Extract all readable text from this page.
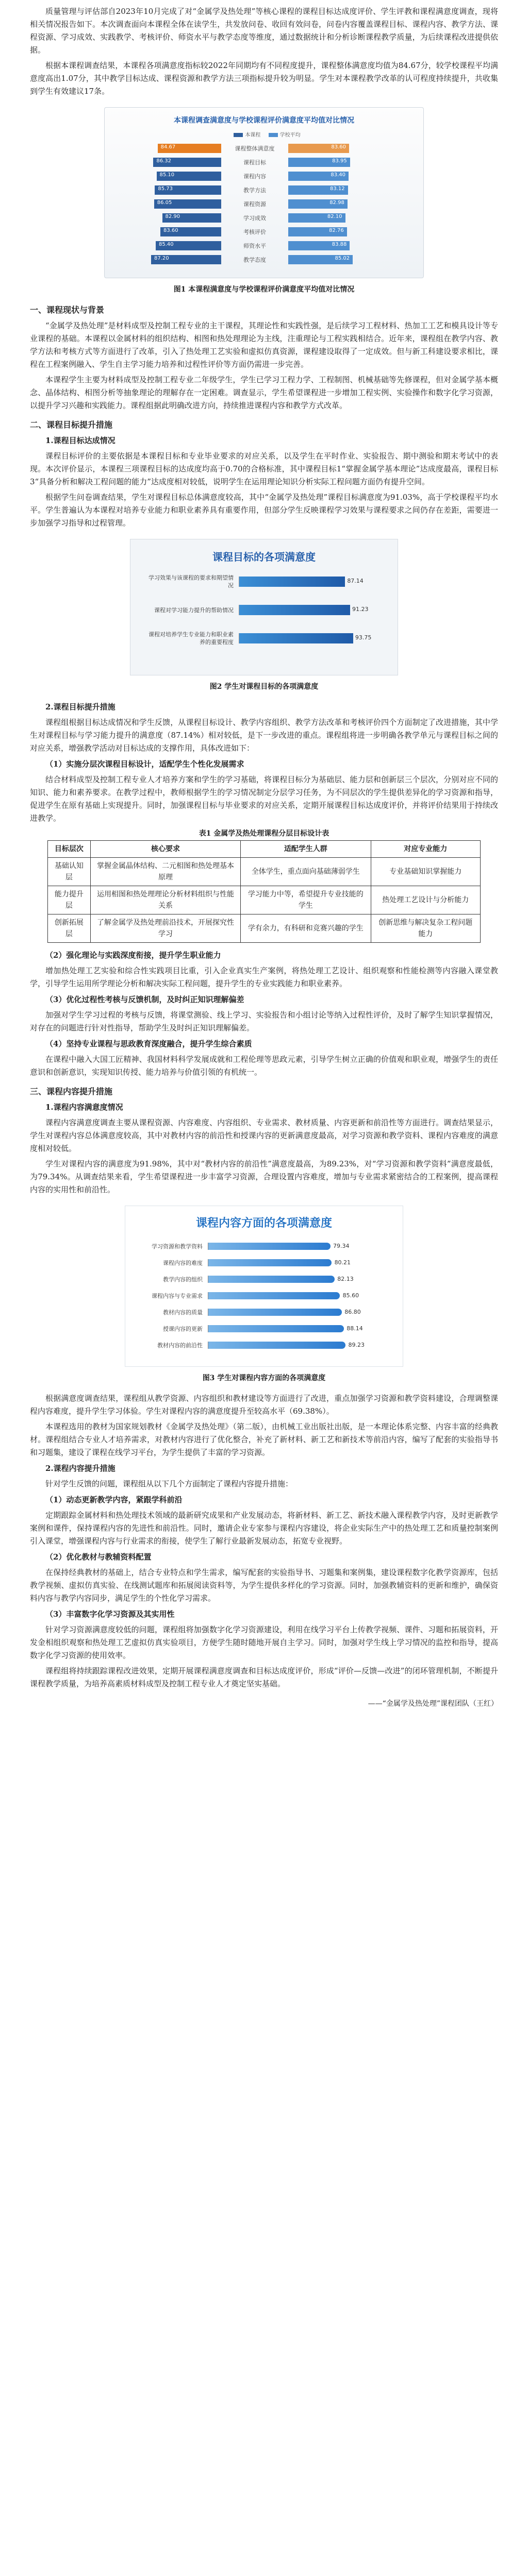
质量管理与评估部自2023年10月完成了对“金属学及热处理”等核心课程的课程目标达成度评价、学生评教和课程满意度调查，现将相关情况报告如下。本次调查面向本课程全体在读学生，共发放问卷、收回有效问卷，问卷内容覆盖课程目标、课程内容、教学方法、课程资源、学习成效、实践教学、考核评价、师资水平与教学态度等维度，通过数据统计和分析诊断课程教学质量，为后续课程改进提供依据。

根据本课程调查结果，本课程各项满意度指标较2022年同期均有不同程度提升，课程整体满意度均值为84.67分，较学校课程平均满意度高出1.07分，其中教学目标达成、课程资源和教学方法三项指标提升较为明显。学生对本课程教学改革的认可程度持续提升，共收集到学生有效建议17条。

本课程调查满意度与学校课程评价满意度平均值对比情况
本课程	学校平均
84.67	课程整体满意度	83.60
86.32	课程目标	83.95
85.10	课程内容	83.40
85.73	教学方法	83.12
86.05	课程资源	82.98
82.90	学习成效	82.10
83.60	考核评价	82.76
85.40	师资水平	83.88
87.20	教学态度	85.02

图1 本课程满意度与学校课程评价满意度平均值对比情况

一、课程现状与背景

“金属学及热处理”是材料成型及控制工程专业的主干课程，其理论性和实践性强，是后续学习工程材料、热加工工艺和模具设计等专业课程的基础。本课程以金属材料的组织结构、相图和热处理理论为主线，注重理论与工程实践相结合。近年来，课程组在教学内容、教学方法和考核方式等方面进行了改革，引入了热处理工艺实验和虚拟仿真资源，课程建设取得了一定成效。但与新工科建设要求相比，课程在工程案例融入、学生自主学习能力培养和过程性评价等方面仍需进一步完善。

本课程学生主要为材料成型及控制工程专业二年级学生，学生已学习工程力学、工程制图、机械基础等先修课程，但对金属学基本概念、晶体结构、相图分析等抽象理论的理解存在一定困难。调查显示，学生希望课程进一步增加工程实例、实验操作和数字化学习资源，以提升学习兴趣和实践能力。课程组据此明确改进方向，持续推进课程内容和教学方式改革。

二、课程目标提升措施
1.课程目标达成情况

课程目标评价的主要依据是本课程目标和专业毕业要求的对应关系，以及学生在平时作业、实验报告、期中测验和期末考试中的表现。本次评价显示，本课程三项课程目标的达成度均高于0.70的合格标准，其中课程目标1“掌握金属学基本理论”达成度最高，课程目标3“具备分析和解决工程问题的能力”达成度相对较低，说明学生在运用理论知识分析实际工程问题方面仍有提升空间。

根据学生问卷调查结果，学生对课程目标总体满意度较高，其中“金属学及热处理”课程目标满意度为91.03%，高于学校课程平均水平。学生普遍认为本课程对培养专业能力和职业素养具有重要作用，但部分学生反映课程学习效果与课程要求之间仍存在差距，需要进一步加强学习指导和过程管理。

课程目标的各项满意度
学习效果与该课程的要求和期望情况
87.14
课程对学习能力提升的帮助情况	91.23
课程对培养学生专业能力和职业素养的重要程度
93.75

图2 学生对课程目标的各项满意度

2.课程目标提升措施

课程组根据目标达成情况和学生反馈，从课程目标设计、教学内容组织、教学方法改革和考核评价四个方面制定了改进措施，其中学生对课程目标与学习能力提升的满意度（87.14%）相对较低，是下一步改进的重点。课程组将进一步明确各教学单元与课程目标之间的对应关系，增强教学活动对目标达成的支撑作用，具体改进如下：

（1）实施分层次课程目标设计，适配学生个性化发展需求

结合材料成型及控制工程专业人才培养方案和学生的学习基础，将课程目标分为基础层、能力层和创新层三个层次，分别对应不同的知识、能力和素养要求。在教学过程中，教师根据学生的学习情况制定分层学习任务，为不同层次的学生提供差异化的学习资源和指导，促进学生在原有基础上实现提升。同时，加强课程目标与毕业要求的对应关系，定期开展课程目标达成度评价，并将评价结果用于持续改进教学。

表1 金属学及热处理课程分层目标设计表
目标层次	核心要求	适配学生人群	对应专业能力
基础认知层	掌握金属晶体结构、二元相图和热处理基本原理	全体学生，重点面向基础薄弱学生	专业基础知识掌握能力
能力提升层	运用相图和热处理理论分析材料组织与性能关系	学习能力中等，希望提升专业技能的学生	热处理工艺设计与分析能力
创新拓展层	了解金属学及热处理前沿技术，开展探究性学习	学有余力，有科研和竞赛兴趣的学生	创新思维与解决复杂工程问题能力
（2）强化理论与实践深度衔接，提升学生职业能力

增加热处理工艺实验和综合性实践项目比重，引入企业真实生产案例，将热处理工艺设计、组织观察和性能检测等内容融入课堂教学，引导学生运用所学理论分析和解决实际工程问题，提升学生的专业实践能力和职业素养。

（3）优化过程性考核与反馈机制，及时纠正知识理解偏差

加强对学生学习过程的考核与反馈，将课堂测验、线上学习、实验报告和小组讨论等纳入过程性评价，及时了解学生知识掌握情况，对存在的问题进行针对性指导，帮助学生及时纠正知识理解偏差。

（4）坚持专业课程与思政教育深度融合，提升学生综合素质

在课程中融入大国工匠精神、我国材料科学发展成就和工程伦理等思政元素，引导学生树立正确的价值观和职业观，增强学生的责任意识和创新意识，实现知识传授、能力培养与价值引领的有机统一。

三、课程内容提升措施
1.课程内容满意度情况

课程内容满意度调查主要从课程资源、内容难度、内容组织、专业需求、教材质量、内容更新和前沿性等方面进行。调查结果显示，学生对课程内容总体满意度较高，其中对教材内容的前沿性和授课内容的更新满意度最高，对学习资源和教学资料、课程内容难度的满意度相对较低。

学生对课程内容的满意度为91.98%，其中对“教材内容的前沿性”满意度最高，为89.23%，对“学习资源和教学资料”满意度最低，为79.34%。从调查结果来看，学生希望课程进一步丰富学习资源，合理设置内容难度，增加与专业需求紧密结合的工程案例，提高课程内容的实用性和前沿性。

课程内容方面的各项满意度
学习资源和教学资料	79.34
课程内容的难度	80.21
教学内容的组织	82.13
课程内容与专业需求	85.60
教材内容的质量	86.80
授课内容的更新	88.14
教材内容的前沿性	89.23

图3 学生对课程内容方面的各项满意度

根据满意度调查结果，课程组从教学资源、内容组织和教材建设等方面进行了改进，重点加强学习资源和教学资料建设，合理调整课程内容难度，提升学生学习体验。学生对课程内容的满意度提升至较高水平（69.38%）。

本课程选用的教材为国家规划教材《金属学及热处理》（第二版），由机械工业出版社出版，是一本理论体系完整、内容丰富的经典教材。课程组结合专业人才培养需求，对教材内容进行了优化整合，补充了新材料、新工艺和新技术等前沿内容，编写了配套的实验指导书和习题集，建设了课程在线学习平台，为学生提供了丰富的学习资源。

2.课程内容提升措施

针对学生反馈的问题，课程组从以下几个方面制定了课程内容提升措施：

（1）动态更新教学内容，紧跟学科前沿

定期跟踪金属材料和热处理技术领域的最新研究成果和产业发展动态，将新材料、新工艺、新技术融入课程教学内容，及时更新教学案例和课件，保持课程内容的先进性和前沿性。同时，邀请企业专家参与课程内容建设，将企业实际生产中的热处理工艺和质量控制案例引入课堂，增强课程内容与行业需求的衔接，使学生了解行业最新发展动态，拓宽专业视野。

（2）优化教材与教辅资料配置

在保持经典教材的基础上，结合专业特点和学生需求，编写配套的实验指导书、习题集和案例集，建设课程数字化教学资源库，包括教学视频、虚拟仿真实验、在线测试题库和拓展阅读资料等，为学生提供多样化的学习资源。同时，加强教辅资料的更新和维护，确保资料内容与教学内容同步，满足学生的个性化学习需求。

（3）丰富数字化学习资源及其实用性

针对学习资源满意度较低的问题，课程组将加强数字化学习资源建设，利用在线学习平台上传教学视频、课件、习题和拓展资料，开发金相组织观察和热处理工艺虚拟仿真实验项目，方便学生随时随地开展自主学习。同时，加强对学生线上学习情况的监控和指导，提高数字化学习资源的使用效率。

课程组将持续跟踪课程改进效果，定期开展课程满意度调查和目标达成度评价，形成“评价—反馈—改进”的闭环管理机制，不断提升课程教学质量，为培养高素质材料成型及控制工程专业人才奠定坚实基础。

——“金属学及热处理”课程团队（王红）
